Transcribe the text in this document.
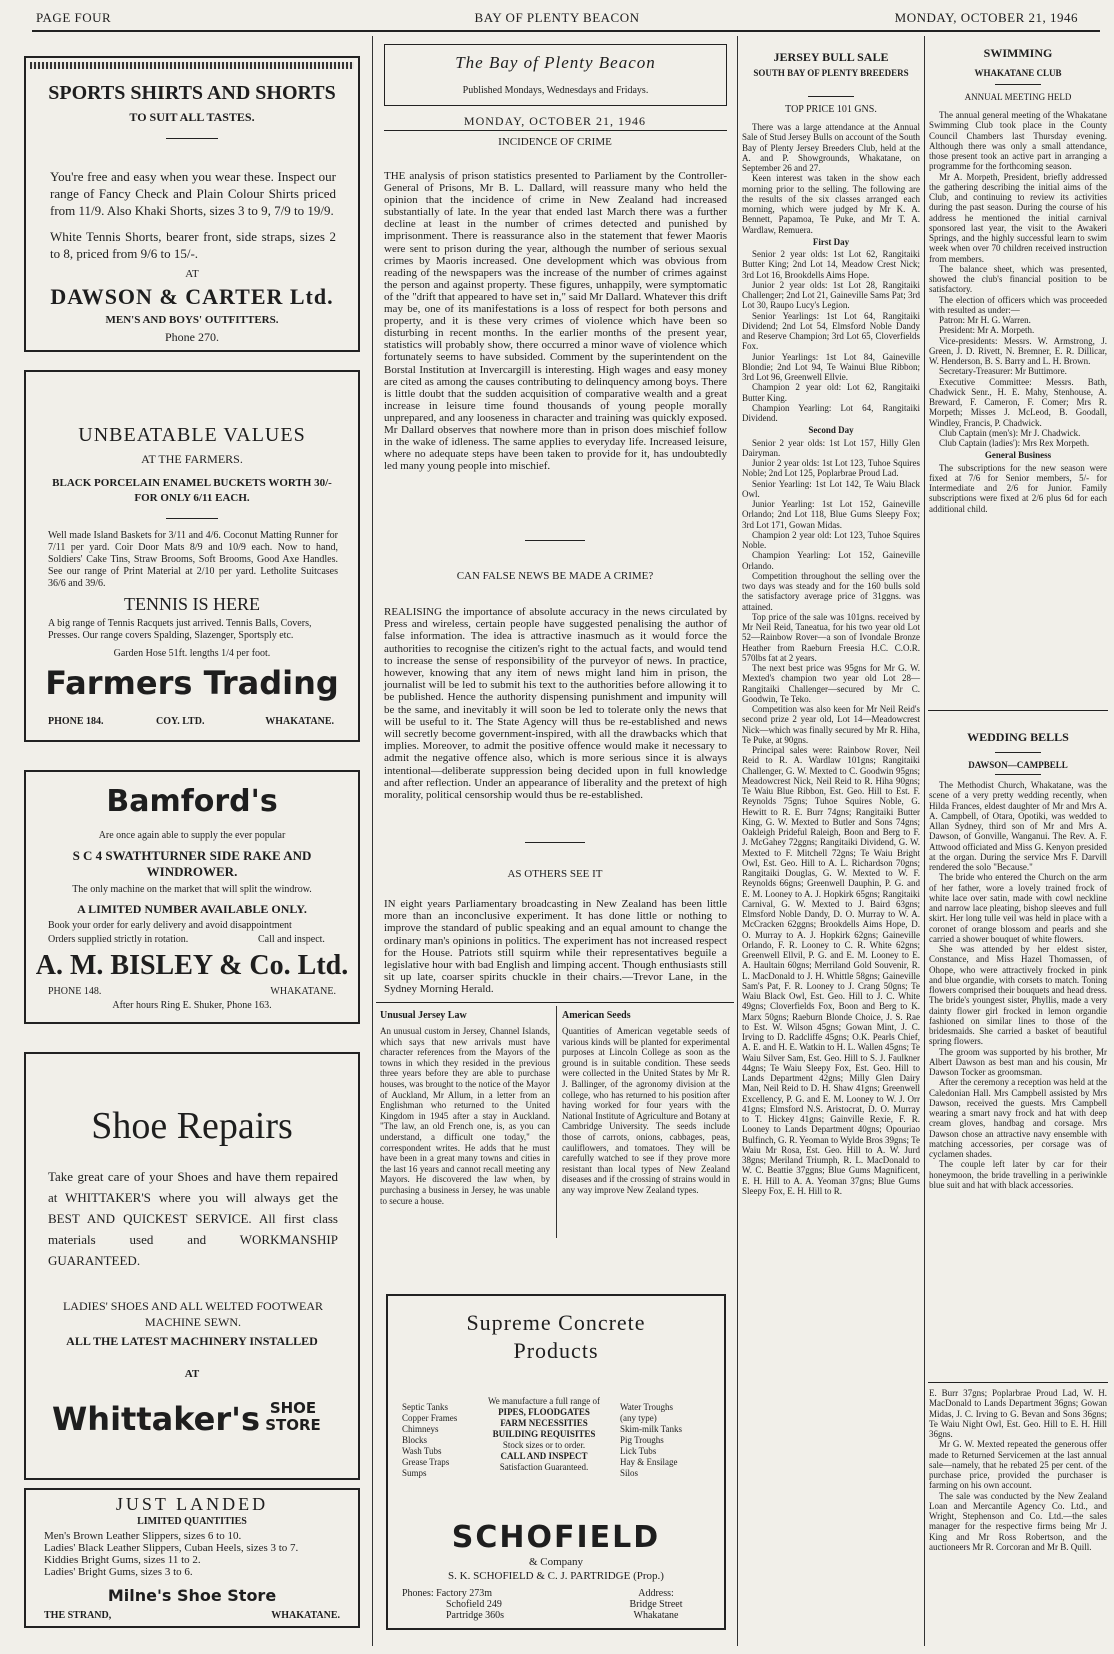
PAGE FOUR	BAY OF PLENTY BEACON	MONDAY, OCTOBER 21, 1946
SPORTS SHIRTS AND SHORTS
TO SUIT ALL TASTES.
You're free and easy when you wear these. Inspect our range of Fancy Check and Plain Colour Shirts priced from 11/9. Also Khaki Shorts, sizes 3 to 9, 7/9 to 19/9.
White Tennis Shorts, bearer front, side straps, sizes 2 to 8, priced from 9/6 to 15/-.
AT
DAWSON & CARTER Ltd.
MEN'S AND BOYS' OUTFITTERS.
Phone 270.
UNBEATABLE VALUES
AT THE FARMERS.
BLACK PORCELAIN ENAMEL BUCKETS WORTH 30/- FOR ONLY 6/11 EACH.
Well made Island Baskets for 3/11 and 4/6. Coconut Matting Runner for 7/11 per yard. Coir Door Mats 8/9 and 10/9 each. Now to hand, Soldiers' Cake Tins, Straw Brooms, Soft Brooms, Good Axe Handles. See our range of Print Material at 2/10 per yard. Letholite Suitcases 36/6 and 39/6.
TENNIS IS HERE
A big range of Tennis Racquets just arrived. Tennis Balls, Covers, Presses. Our range covers Spalding, Slazenger, Sportsply etc.
Garden Hose 51ft. lengths 1/4 per foot.
Farmers Trading
PHONE 184.	COY. LTD.	WHAKATANE.
Bamford's
Are once again able to supply the ever popular
S C 4 SWATHTURNER SIDE RAKE AND WINDROWER.
The only machine on the market that will split the windrow.
A LIMITED NUMBER AVAILABLE ONLY.
Book your order for early delivery and avoid disappointment
Orders supplied strictly in rotation.	Call and inspect.
A. M. BISLEY & Co. Ltd.
PHONE 148.	WHAKATANE.
After hours Ring E. Shuker, Phone 163.
Shoe Repairs
Take great care of your Shoes and have them repaired at WHITTAKER'S where you will always get the BEST AND QUICKEST SERVICE. All first class materials used and WORKMANSHIP GUARANTEED.
LADIES' SHOES AND ALL WELTED FOOTWEAR MACHINE SEWN.
ALL THE LATEST MACHINERY INSTALLED
AT
Whittaker's SHOE
STORE
JUST LANDED
LIMITED QUANTITIES
Men's Brown Leather Slippers, sizes 6 to 10.
Ladies' Black Leather Slippers, Cuban Heels, sizes 3 to 7.
Kiddies Bright Gums, sizes 11 to 2.
Ladies' Bright Gums, sizes 3 to 6.
Milne's Shoe Store
THE STRAND,	WHAKATANE.
The Bay of Plenty Beacon
Published Mondays, Wednesdays and Fridays.
MONDAY, OCTOBER 21, 1946
INCIDENCE OF CRIME
THE analysis of prison statistics presented to Parliament by the Controller-General of Prisons, Mr B. L. Dallard, will reassure many who held the opinion that the incidence of crime in New Zealand had increased substantially of late. In the year that ended last March there was a further decline at least in the number of crimes detected and punished by imprisonment. There is reassurance also in the statement that fewer Maoris were sent to prison during the year, although the number of serious sexual crimes by Maoris increased. One development which was obvious from reading of the newspapers was the increase of the number of crimes against the person and against property. These figures, unhappily, were symptomatic of the "drift that appeared to have set in," said Mr Dallard. Whatever this drift may be, one of its manifestations is a loss of respect for both persons and property, and it is these very crimes of violence which have been so disturbing in recent months. In the earlier months of the present year, statistics will probably show, there occurred a minor wave of violence which fortunately seems to have subsided. Comment by the superintendent on the Borstal Institution at Invercargill is interesting. High wages and easy money are cited as among the causes contributing to delinquency among boys. There is little doubt that the sudden acquisition of comparative wealth and a great increase in leisure time found thousands of young people morally unprepared, and any looseness in character and training was quickly exposed. Mr Dallard observes that nowhere more than in prison does mischief follow in the wake of idleness. The same applies to everyday life. Increased leisure, where no adequate steps have been taken to provide for it, has undoubtedly led many young people into mischief.
CAN FALSE NEWS BE MADE A CRIME?
REALISING the importance of absolute accuracy in the news circulated by Press and wireless, certain people have suggested penalising the author of false information. The idea is attractive inasmuch as it would force the authorities to recognise the citizen's right to the actual facts, and would tend to increase the sense of responsibility of the purveyor of news. In practice, however, knowing that any item of news might land him in prison, the journalist will be led to submit his text to the authorities before allowing it to be published. Hence the authority dispensing punishment and impunity will be the same, and inevitably it will soon be led to tolerate only the news that will be useful to it. The State Agency will thus be re-established and news will secretly become government-inspired, with all the drawbacks which that implies. Moreover, to admit the positive offence would make it necessary to admit the negative offence also, which is more serious since it is always intentional—deliberate suppression being decided upon in full knowledge and after reflection. Under an appearance of liberality and the pretext of high morality, political censorship would thus be re-established.
AS OTHERS SEE IT
IN eight years Parliamentary broadcasting in New Zealand has been little more than an inconclusive experiment. It has done little or nothing to improve the standard of public speaking and an equal amount to change the ordinary man's opinions in politics. The experiment has not increased respect for the House. Patriots still squirm while their representatives beguile a legislative hour with bad English and limping accent. Though enthusiasts still sit up late, coarser spirits chuckle in their chairs.—Trevor Lane, in the Sydney Morning Herald.
Unusual Jersey Law
An unusual custom in Jersey, Channel Islands, which says that new arrivals must have character references from the Mayors of the towns in which they resided in the previous three years before they are able to purchase houses, was brought to the notice of the Mayor of Auckland, Mr Allum, in a letter from an Englishman who returned to the United Kingdom in 1945 after a stay in Auckland. "The law, an old French one, is, as you can understand, a difficult one today," the correspondent writes. He adds that he must have been in a great many towns and cities in the last 16 years and cannot recall meeting any Mayors. He discovered the law when, by purchasing a business in Jersey, he was unable to secure a house.
American Seeds
Quantities of American vegetable seeds of various kinds will be planted for experimental purposes at Lincoln College as soon as the ground is in suitable condition. These seeds were collected in the United States by Mr R. J. Ballinger, of the agronomy division at the college, who has returned to his position after having worked for four years with the National Institute of Agriculture and Botany at Cambridge University. The seeds include those of carrots, onions, cabbages, peas, cauliflowers, and tomatoes. They will be carefully watched to see if they prove more resistant than local types of New Zealand diseases and if the crossing of strains would in any way improve New Zealand types.
Supreme Concrete
Products
Septic Tanks
Copper Frames
Chimneys
Blocks
Wash Tubs
Grease Traps
Sumps
We manufacture a full range of
PIPES, FLOODGATES
FARM NECESSITIES
BUILDING REQUISITES
Stock sizes or to order.
CALL AND INSPECT
Satisfaction Guaranteed.
Water Troughs
(any type)
Skim-milk Tanks
Pig Troughs
Lick Tubs
Hay & Ensilage
Silos
SCHOFIELD
& Company
S. K. SCHOFIELD & C. J. PARTRIDGE (Prop.)
Phones: Factory 273m
Schofield 249
Partridge 360s
Address:
Bridge Street
Whakatane
JERSEY BULL SALE
SOUTH BAY OF PLENTY BREEDERS
TOP PRICE 101 GNS.

There was a large attendance at the Annual Sale of Stud Jersey Bulls on account of the South Bay of Plenty Jersey Breeders Club, held at the A. and P. Showgrounds, Whakatane, on September 26 and 27.

Keen interest was taken in the show each morning prior to the selling. The following are the results of the six classes arranged each morning, which were judged by Mr K. A. Bennett, Papamoa, Te Puke, and Mr T. A. Wardlaw, Remuera.

First Day

Senior 2 year olds: 1st Lot 62, Rangitaiki Butter King; 2nd Lot 14, Meadow Crest Nick; 3rd Lot 16, Brookdells Aims Hope.

Junior 2 year olds: 1st Lot 28, Rangitaiki Challenger; 2nd Lot 21, Gaineville Sams Pat; 3rd Lot 30, Raupo Lucy's Legion.

Senior Yearlings: 1st Lot 64, Rangitaiki Dividend; 2nd Lot 54, Elmsford Noble Dandy and Reserve Champion; 3rd Lot 65, Cloverfields Fox.

Junior Yearlings: 1st Lot 84, Gaineville Blondie; 2nd Lot 94, Te Wainui Blue Ribbon; 3rd Lot 96, Greenwell Ellvie.

Champion 2 year old: Lot 62, Rangitaiki Butter King.

Champion Yearling: Lot 64, Rangitaiki Dividend.

Second Day

Senior 2 year olds: 1st Lot 157, Hilly Glen Dairyman.

Junior 2 year olds: 1st Lot 123, Tuhoe Squires Noble; 2nd Lot 125, Poplarbrae Proud Lad.

Senior Yearling: 1st Lot 142, Te Waiu Black Owl.

Junior Yearling: 1st Lot 152, Gaineville Orlando; 2nd Lot 118, Blue Gums Sleepy Fox; 3rd Lot 171, Gowan Midas.

Champion 2 year old: Lot 123, Tuhoe Squires Noble.

Champion Yearling: Lot 152, Gaineville Orlando.

Competition throughout the selling over the two days was steady and for the 160 bulls sold the satisfactory average price of 31ggns. was attained.

Top price of the sale was 101gns. received by Mr Neil Reid, Taneatua, for his two year old Lot 52—Rainbow Rover—a son of Ivondale Bronze Heather from Raeburn Freesia H.C. C.O.R. 570lbs fat at 2 years.

The next best price was 95gns for Mr G. W. Mexted's champion two year old Lot 28—Rangitaiki Challenger—secured by Mr C. Goodwin, Te Teko.

Competition was also keen for Mr Neil Reid's second prize 2 year old, Lot 14—Meadowcrest Nick—which was finally secured by Mr R. Hiha, Te Puke, at 90gns.

Principal sales were: Rainbow Rover, Neil Reid to R. A. Wardlaw 101gns; Rangitaiki Challenger, G. W. Mexted to C. Goodwin 95gns; Meadowcrest Nick, Neil Reid to R. Hiha 90gns; Te Waiu Blue Ribbon, Est. Geo. Hill to Est. F. Reynolds 75gns; Tuhoe Squires Noble, G. Hewitt to R. E. Burr 74gns; Rangitaiki Butter King, G. W. Mexted to Butler and Sons 74gns; Oakleigh Prideful Raleigh, Boon and Berg to F. J. McGahey 72ggns; Rangitaiki Dividend, G. W. Mexted to F. Mitchell 72gns; Te Waiu Bright Owl, Est. Geo. Hill to A. L. Richardson 70gns; Rangitaiki Douglas, G. W. Mexted to W. F. Reynolds 66gns; Greenwell Dauphin, P. G. and E. M. Looney to A. J. Hopkirk 65gns; Rangitaiki Carnival, G. W. Mexted to J. Baird 63gns; Elmsford Noble Dandy, D. O. Murray to W. A. McCracken 62ggns; Brookdells Aims Hope, D. O. Murray to A. J. Hopkirk 62gns; Gaineville Orlando, F. R. Looney to C. R. White 62gns; Greenwell Ellvil, P. G. and E. M. Looney to E. A. Haultain 60gns; Merriland Gold Souvenir, R. L. MacDonald to J. H. Whittle 58gns; Gaineville Sam's Pat, F. R. Looney to J. Crang 50gns; Te Waiu Black Owl, Est. Geo. Hill to J. C. White 49gns; Cloverfields Fox, Boon and Berg to K. Marx 50gns; Raeburn Blonde Choice, J. S. Rae to Est. W. Wilson 45gns; Gowan Mint, J. C. Irving to D. Radcliffe 45gns; O.K. Pearls Chief, A. E. and H. E. Watkin to H. L. Wallen 45gns; Te Waiu Silver Sam, Est. Geo. Hill to S. J. Faulkner 44gns; Te Waiu Sleepy Fox, Est. Geo. Hill to Lands Department 42gns; Milly Glen Dairy Man, Neil Reid to D. H. Shaw 41gns; Greenwell Excellency, P. G. and E. M. Looney to W. J. Orr 41gns; Elmsford N.S. Aristocrat, D. O. Murray to T. Hickey 41gns; Gainville Rexie, F. R. Looney to Lands Department 40gns; Opouriao Bulfinch, G. R. Yeoman to Wylde Bros 39gns; Te Waiu Mr Rosa, Est. Geo. Hill to A. W. Jurd 38gns; Meriland Triumph, R. L. MacDonald to W. C. Beattie 37ggns; Blue Gums Magnificent, E. H. Hill to A. A. Yeoman 37gns; Blue Gums Sleepy Fox, E. H. Hill to R.

SWIMMING
WHAKATANE CLUB
ANNUAL MEETING HELD

The annual general meeting of the Whakatane Swimming Club took place in the County Council Chambers last Thursday evening. Although there was only a small attendance, those present took an active part in arranging a programme for the forthcoming season.

Mr A. Morpeth, President, briefly addressed the gathering describing the initial aims of the Club, and continuing to review its activities during the past season. During the course of his address he mentioned the initial carnival sponsored last year, the visit to the Awakeri Springs, and the highly successful learn to swim week when over 70 children received instruction from members.

The balance sheet, which was presented, showed the club's financial position to be satisfactory.

The election of officers which was proceeded with resulted as under:—

Patron: Mr H. G. Warren.

President: Mr A. Morpeth.

Vice-presidents: Messrs. W. Armstrong, J. Green, J. D. Rivett, N. Bremner, E. R. Dillicar, W. Henderson, B. S. Barry and L. H. Brown.

Secretary-Treasurer: Mr Buttimore.

Executive Committee: Messrs. Bath, Chadwick Senr., H. E. Mahy, Stenhouse, A. Breward, F. Cameron, F. Comer; Mrs R. Morpeth; Misses J. McLeod, B. Goodall, Windley, Francis, P. Chadwick.

Club Captain (men's): Mr J. Chadwick.

Club Captain (ladies'): Mrs Rex Morpeth.

General Business

The subscriptions for the new season were fixed at 7/6 for Senior members, 5/- for Intermediate and 2/6 for Junior. Family subscriptions were fixed at 2/6 plus 6d for each additional child.

WEDDING BELLS
DAWSON—CAMPBELL

The Methodist Church, Whakatane, was the scene of a very pretty wedding recently, when Hilda Frances, eldest daughter of Mr and Mrs A. A. Campbell, of Otara, Opotiki, was wedded to Allan Sydney, third son of Mr and Mrs A. Dawson, of Gonville, Wanganui. The Rev. A. F. Attwood officiated and Miss G. Kenyon presided at the organ. During the service Mrs F. Darvill rendered the solo "Because."

The bride who entered the Church on the arm of her father, wore a lovely trained frock of white lace over satin, made with cowl neckline and narrow lace pleating, bishop sleeves and full skirt. Her long tulle veil was held in place with a coronet of orange blossom and pearls and she carried a shower bouquet of white flowers.

She was attended by her eldest sister, Constance, and Miss Hazel Thomassen, of Ohope, who were attractively frocked in pink and blue organdie, with corsets to match. Toning flowers comprised their bouquets and head dress. The bride's youngest sister, Phyllis, made a very dainty flower girl frocked in lemon organdie fashioned on similar lines to those of the bridesmaids. She carried a basket of beautiful spring flowers.

The groom was supported by his brother, Mr Albert Dawson as best man and his cousin, Mr Dawson Tocker as groomsman.

After the ceremony a reception was held at the Caledonian Hall. Mrs Campbell assisted by Mrs Dawson, received the guests. Mrs Campbell wearing a smart navy frock and hat with deep cream gloves, handbag and corsage. Mrs Dawson chose an attractive navy ensemble with matching accessories, per corsage was of cyclamen shades.

The couple left later by car for their honeymoon, the bride travelling in a periwinkle blue suit and hat with black accessories.

E. Burr 37gns; Poplarbrae Proud Lad, W. H. MacDonald to Lands Department 36gns; Gowan Midas, J. C. Irving to G. Bevan and Sons 36gns; Te Waiu Night Owl, Est. Geo. Hill to E. H. Hill 36gns.

Mr G. W. Mexted repeated the generous offer made to Returned Servicemen at the last annual sale—namely, that he rebated 25 per cent. of the purchase price, provided the purchaser is farming on his own account.

The sale was conducted by the New Zealand Loan and Mercantile Agency Co. Ltd., and Wright, Stephenson and Co. Ltd.—the sales manager for the respective firms being Mr J. King and Mr Ross Robertson, and the auctioneers Mr R. Corcoran and Mr B. Quill.
